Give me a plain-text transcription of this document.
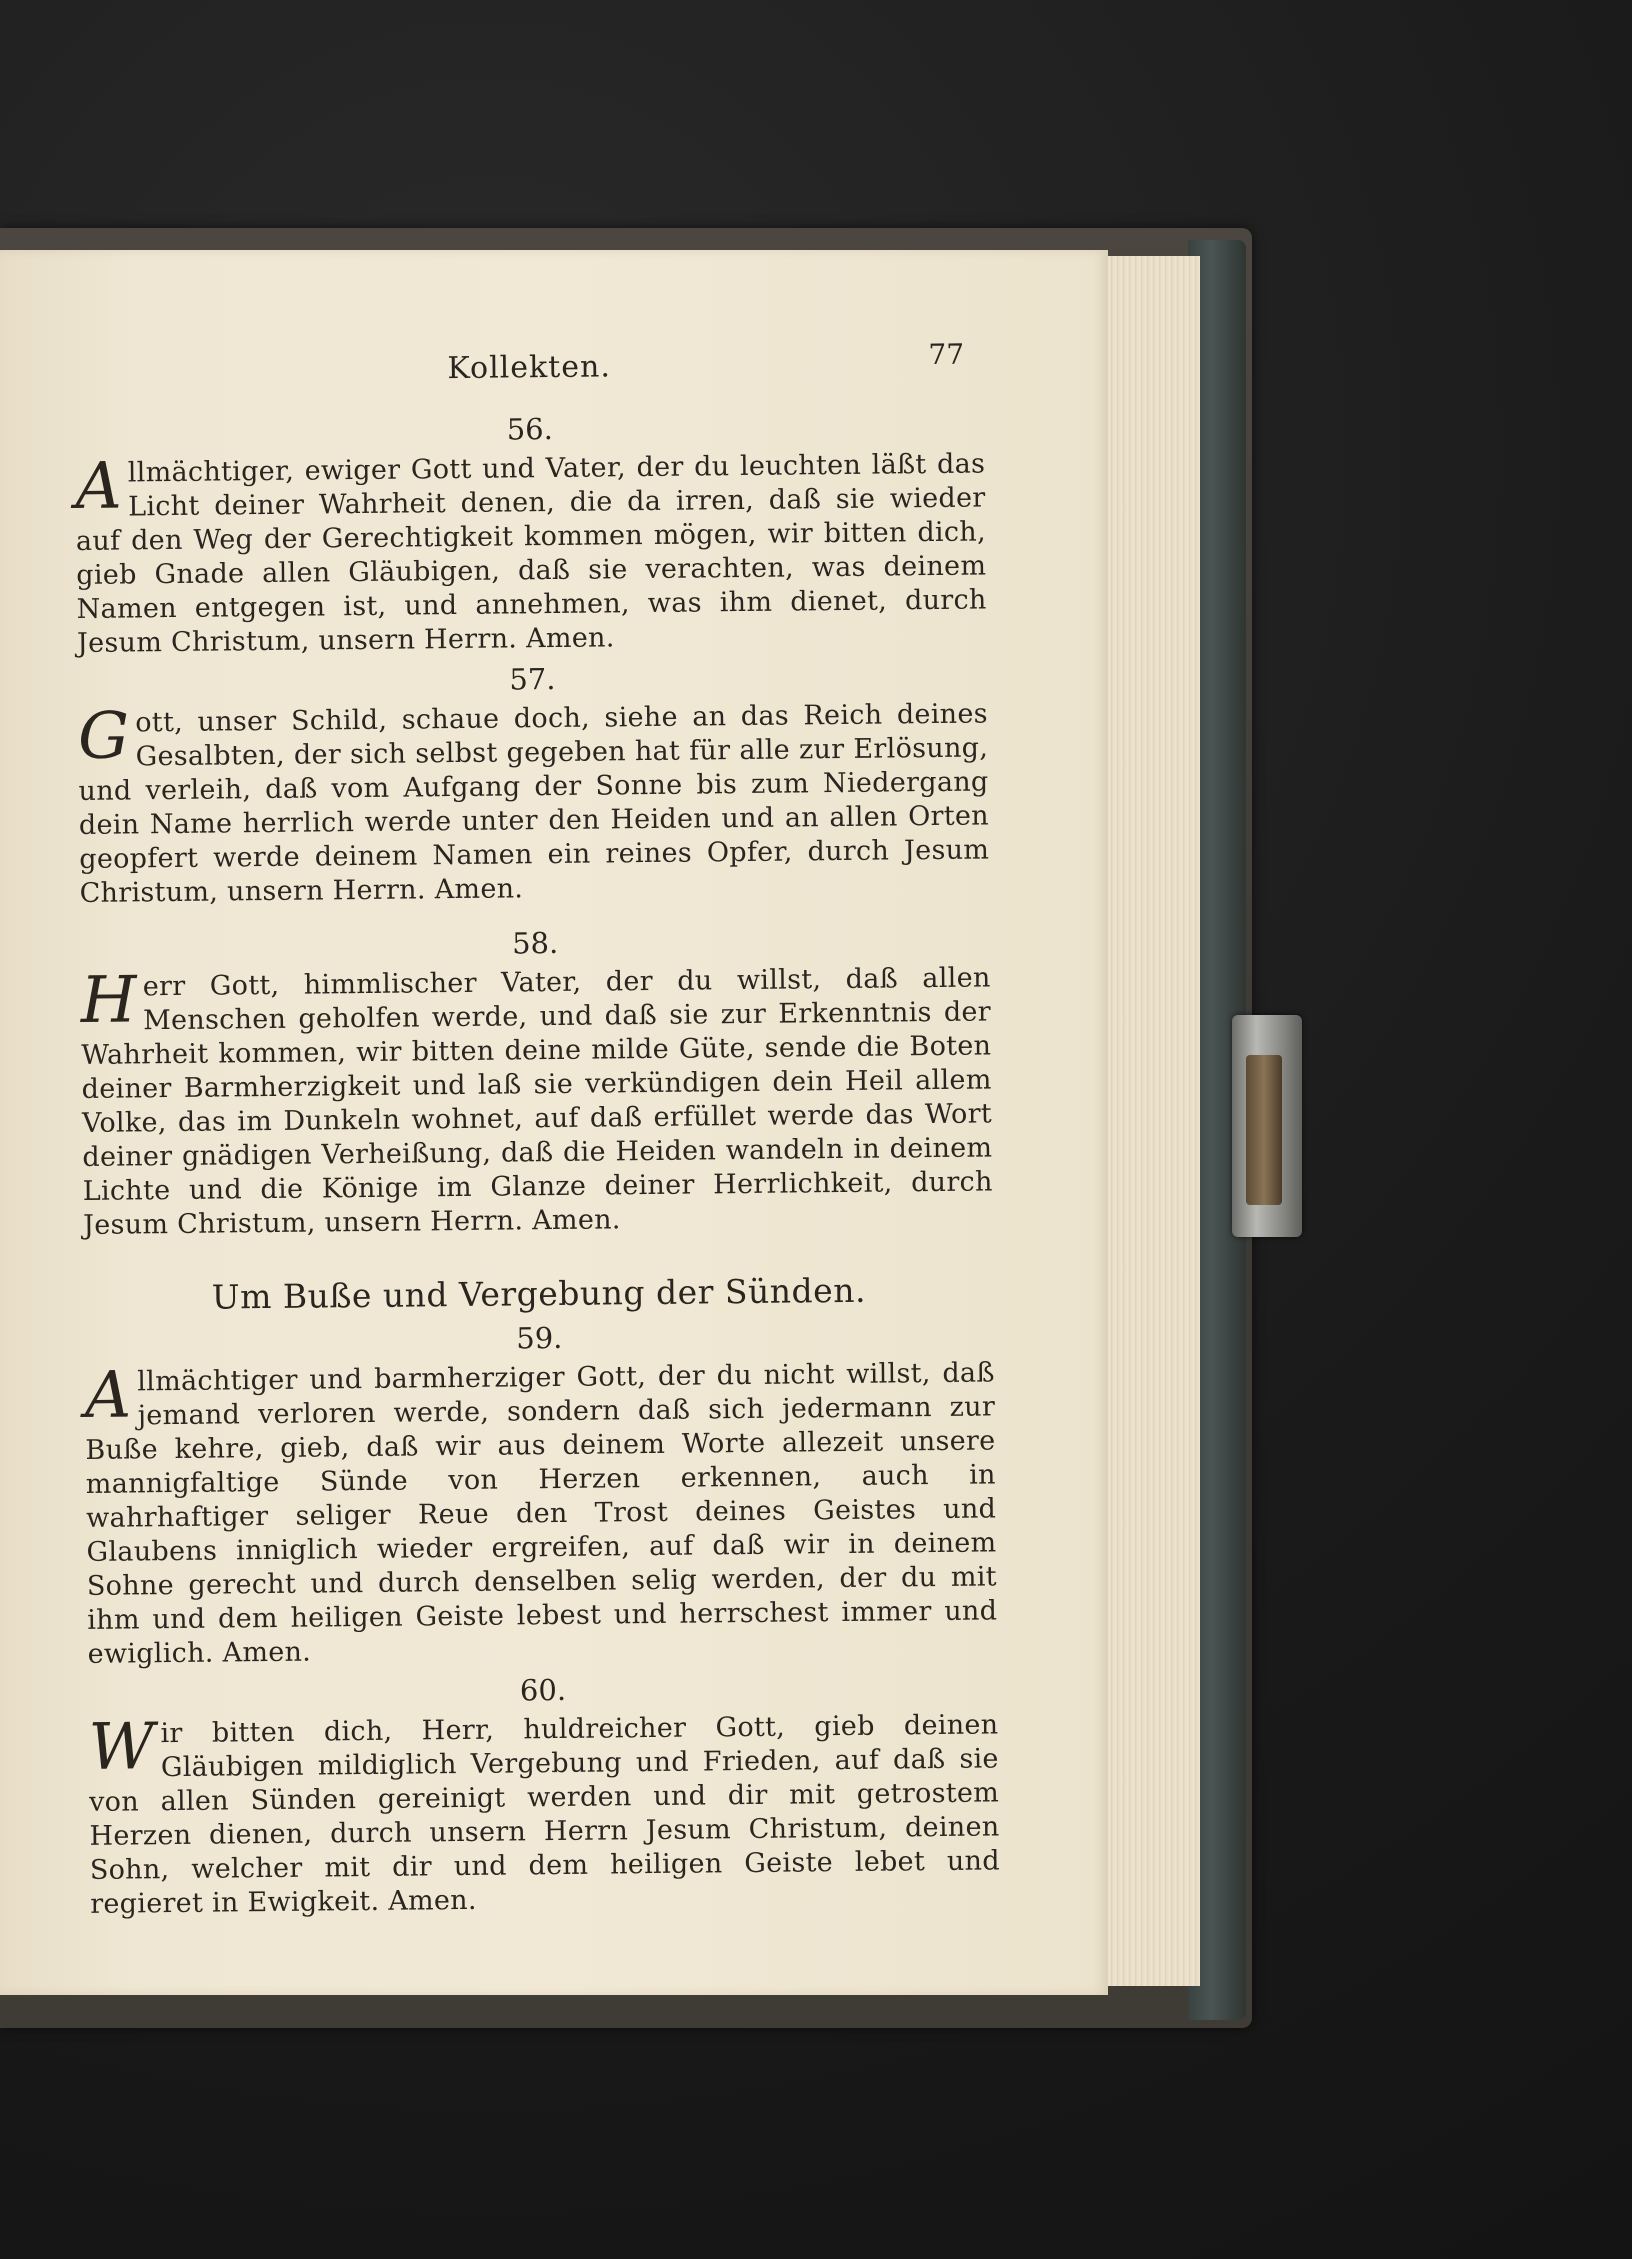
Kollekten.	77
56.

Allmächtiger, ewiger Gott und Vater, der du leuchten läßt das Licht deiner Wahrheit denen, die da irren, daß sie wieder auf den Weg der Gerechtigkeit kommen mögen, wir bitten dich, gieb Gnade allen Gläubigen, daß sie verachten, was deinem Namen entgegen ist, und annehmen, was ihm dienet, durch Jesum Christum, unsern Herrn. Amen.

57.

Gott, unser Schild, schaue doch, siehe an das Reich deines Gesalbten, der sich selbst gegeben hat für alle zur Erlösung, und verleih, daß vom Aufgang der Sonne bis zum Niedergang dein Name herrlich werde unter den Heiden und an allen Orten geopfert werde deinem Namen ein reines Opfer, durch Jesum Christum, unsern Herrn. Amen.

58.

Herr Gott, himmlischer Vater, der du willst, daß allen Menschen geholfen werde, und daß sie zur Erkenntnis der Wahrheit kommen, wir bitten deine milde Güte, sende die Boten deiner Barmherzigkeit und laß sie verkündigen dein Heil allem Volke, das im Dunkeln wohnet, auf daß erfüllet werde das Wort deiner gnädigen Verheißung, daß die Heiden wandeln in deinem Lichte und die Könige im Glanze deiner Herrlichkeit, durch Jesum Christum, unsern Herrn. Amen.

Um Buße und Vergebung der Sünden.
59.

Allmächtiger und barmherziger Gott, der du nicht willst, daß jemand verloren werde, sondern daß sich jedermann zur Buße kehre, gieb, daß wir aus deinem Worte allezeit unsere mannigfaltige Sünde von Herzen erkennen, auch in wahrhaftiger seliger Reue den Trost deines Geistes und Glaubens inniglich wieder ergreifen, auf daß wir in deinem Sohne gerecht und durch denselben selig werden, der du mit ihm und dem heiligen Geiste lebest und herrschest immer und ewiglich. Amen.

60.

Wir bitten dich, Herr, huldreicher Gott, gieb deinen Gläubigen mildiglich Vergebung und Frieden, auf daß sie von allen Sünden gereinigt werden und dir mit getrostem Herzen dienen, durch unsern Herrn Jesum Christum, deinen Sohn, welcher mit dir und dem heiligen Geiste lebet und regieret in Ewigkeit. Amen.
